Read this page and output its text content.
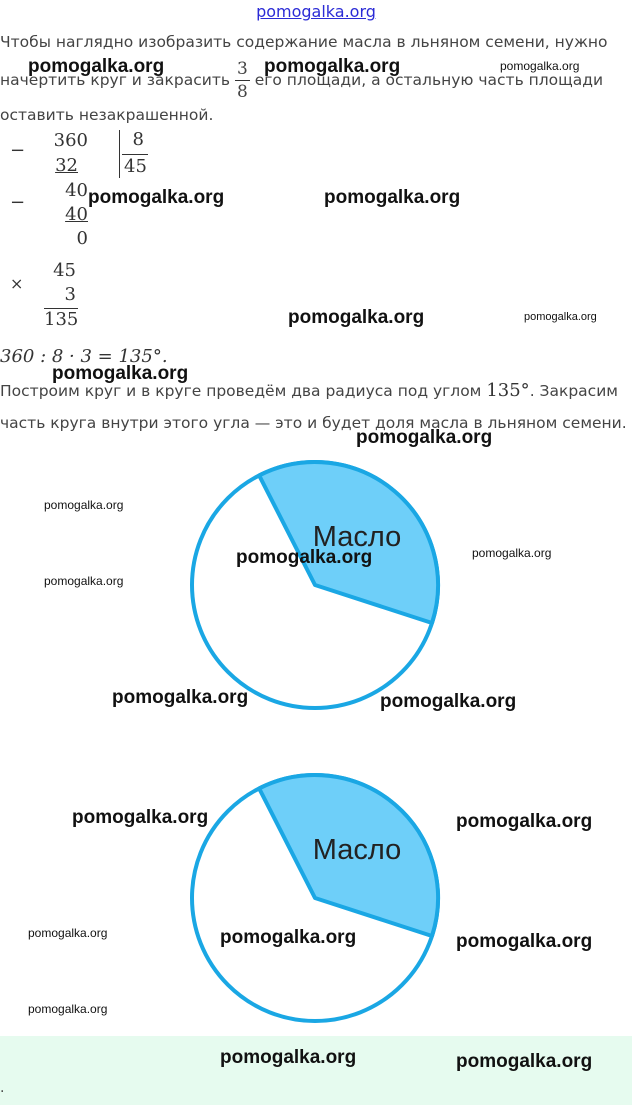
pomogalka.org
Чтобы наглядно изобразить содержание масла в льняном семени, нужно
начертить круг и закрасить $\frac{3}{8}$ его площади, а остальную часть площади
оставить незакрашенной.
− 360
32
8
45
−
40
40
0
×
45
3
135
360 : 8 · 3 = 135°.
Построим круг и в круге проведём два радиуса под углом 135°. Закрасим
часть круга внутри этого угла — это и будет доля масла в льняном семени.
Масло
Масло
.
pomogalka.org	pomogalka.org	pomogalka.org
pomogalka.org	pomogalka.org
pomogalka.org	pomogalka.org
pomogalka.org
pomogalka.org
pomogalka.org
pomogalka.org
pomogalka.org
pomogalka.org
pomogalka.org	pomogalka.org
pomogalka.org	pomogalka.org
pomogalka.org	pomogalka.org	pomogalka.org
pomogalka.org
pomogalka.org	pomogalka.org
